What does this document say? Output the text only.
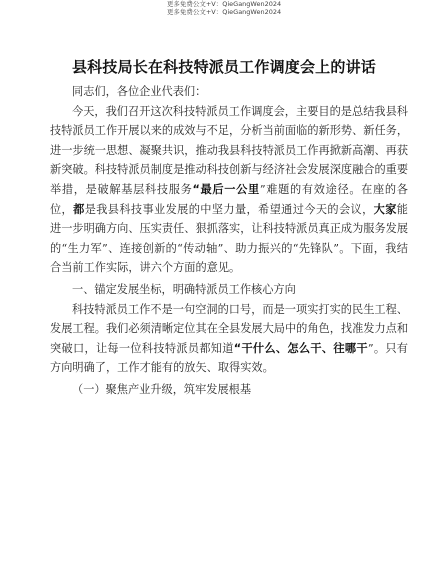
更多免费公文+V：QieGangWen2024
更多免费公文+V：QieGangWen2024
县科技局长在科技特派员工作调度会上的讲话

同志们，各位企业代表们：

今天，我们召开这次科技特派员工作调度会，主要目的是总结我县科技特派员工作开展以来的成效与不足，分析当前面临的新形势、新任务，进一步统一思想、凝聚共识，推动我县科技特派员工作再掀新高潮、再获新突破。科技特派员制度是推动科技创新与经济社会发展深度融合的重要举措，是破解基层科技服务“最后一公里”难题的有效途径。在座的各位，都是我县科技事业发展的中坚力量，希望通过今天的会议，大家能进一步明确方向、压实责任、狠抓落实，让科技特派员真正成为服务发展的“生力军”、连接创新的“传动轴”、助力振兴的“先锋队”。下面，我结合当前工作实际，讲六个方面的意见。

一、锚定发展坐标，明确特派员工作核心方向

科技特派员工作不是一句空洞的口号，而是一项实打实的民生工程、发展工程。我们必须清晰定位其在全县发展大局中的角色，找准发力点和突破口，让每一位科技特派员都知道“干什么、怎么干、往哪干”。只有方向明确了，工作才能有的放矢、取得实效。

（一）聚焦产业升级，筑牢发展根基
